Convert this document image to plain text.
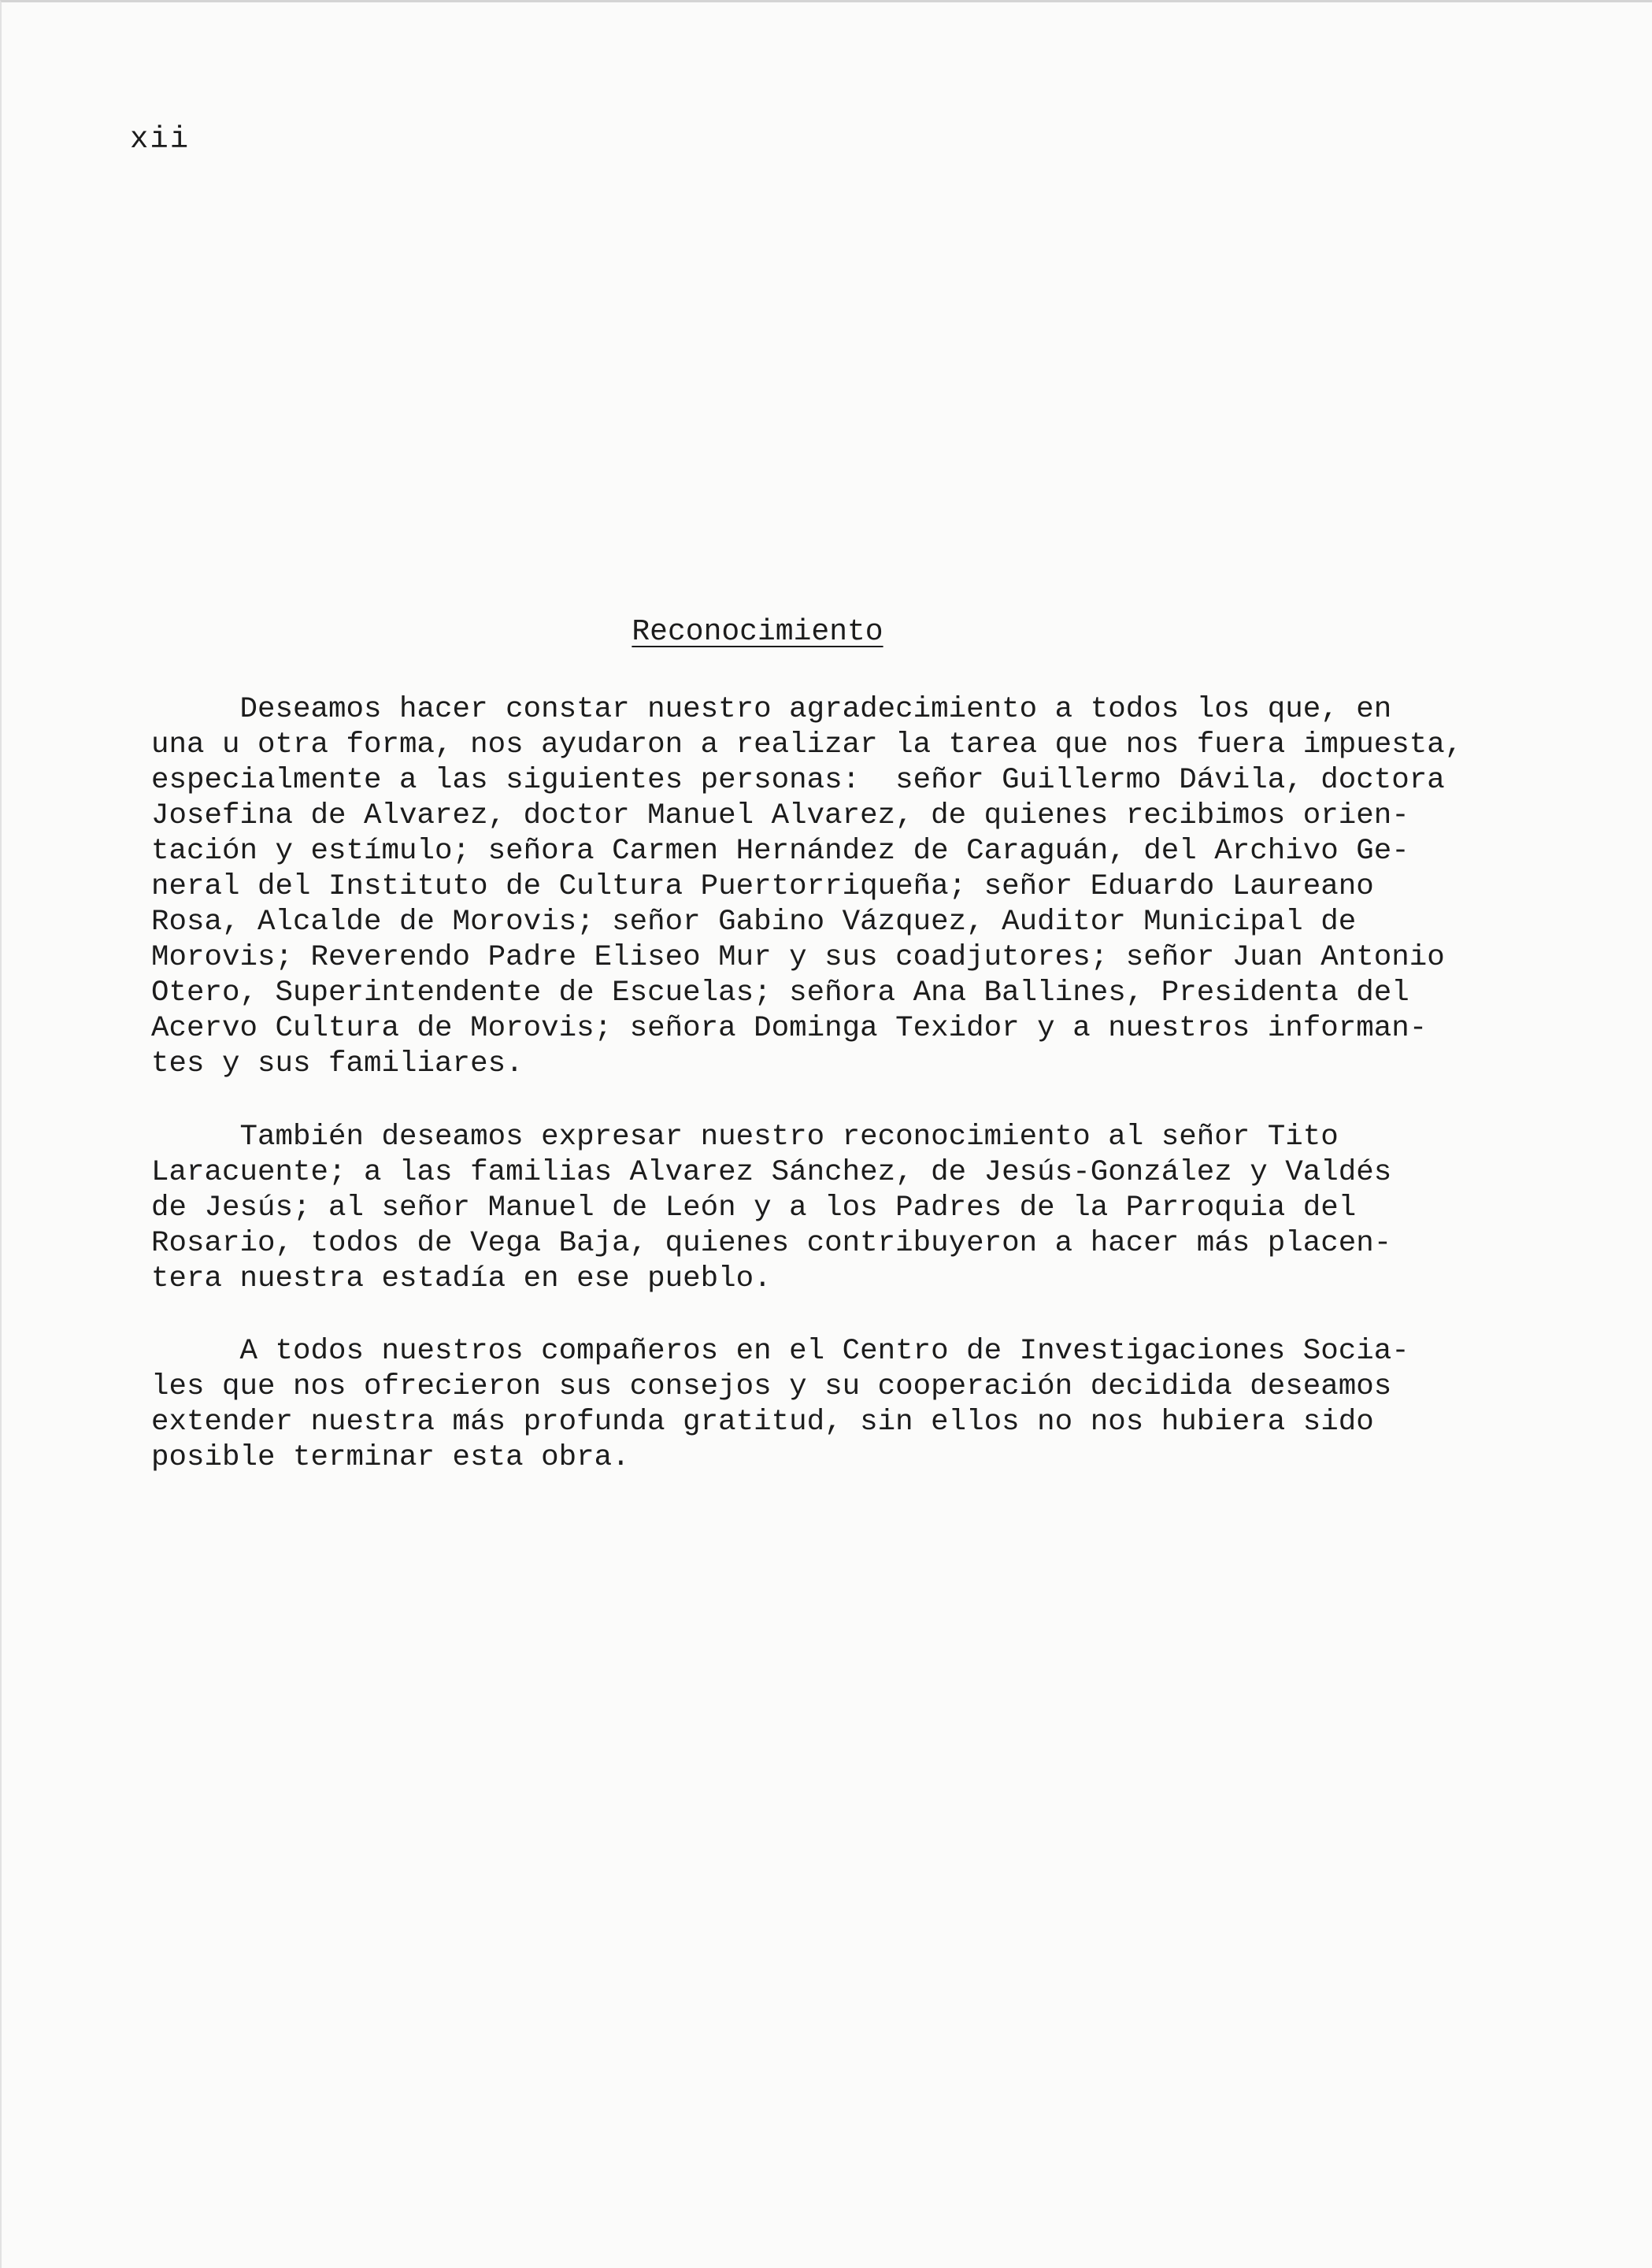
xii
Reconocimiento

Deseamos hacer constar nuestro agradecimiento a todos los que, en
una u otra forma, nos ayudaron a realizar la tarea que nos fuera impuesta,
especialmente a las siguientes personas:  señor Guillermo Dávila, doctora
Josefina de Alvarez, doctor Manuel Alvarez, de quienes recibimos orien-
tación y estímulo; señora Carmen Hernández de Caraguán, del Archivo Ge-
neral del Instituto de Cultura Puertorriqueña; señor Eduardo Laureano
Rosa, Alcalde de Morovis; señor Gabino Vázquez, Auditor Municipal de
Morovis; Reverendo Padre Eliseo Mur y sus coadjutores; señor Juan Antonio
Otero, Superintendente de Escuelas; señora Ana Ballines, Presidenta del
Acervo Cultura de Morovis; señora Dominga Texidor y a nuestros informan-
tes y sus familiares.

También deseamos expresar nuestro reconocimiento al señor Tito
Laracuente; a las familias Alvarez Sánchez, de Jesús-González y Valdés
de Jesús; al señor Manuel de León y a los Padres de la Parroquia del
Rosario, todos de Vega Baja, quienes contribuyeron a hacer más placen-
tera nuestra estadía en ese pueblo.

A todos nuestros compañeros en el Centro de Investigaciones Socia-
les que nos ofrecieron sus consejos y su cooperación decidida deseamos
extender nuestra más profunda gratitud, sin ellos no nos hubiera sido
posible terminar esta obra.
